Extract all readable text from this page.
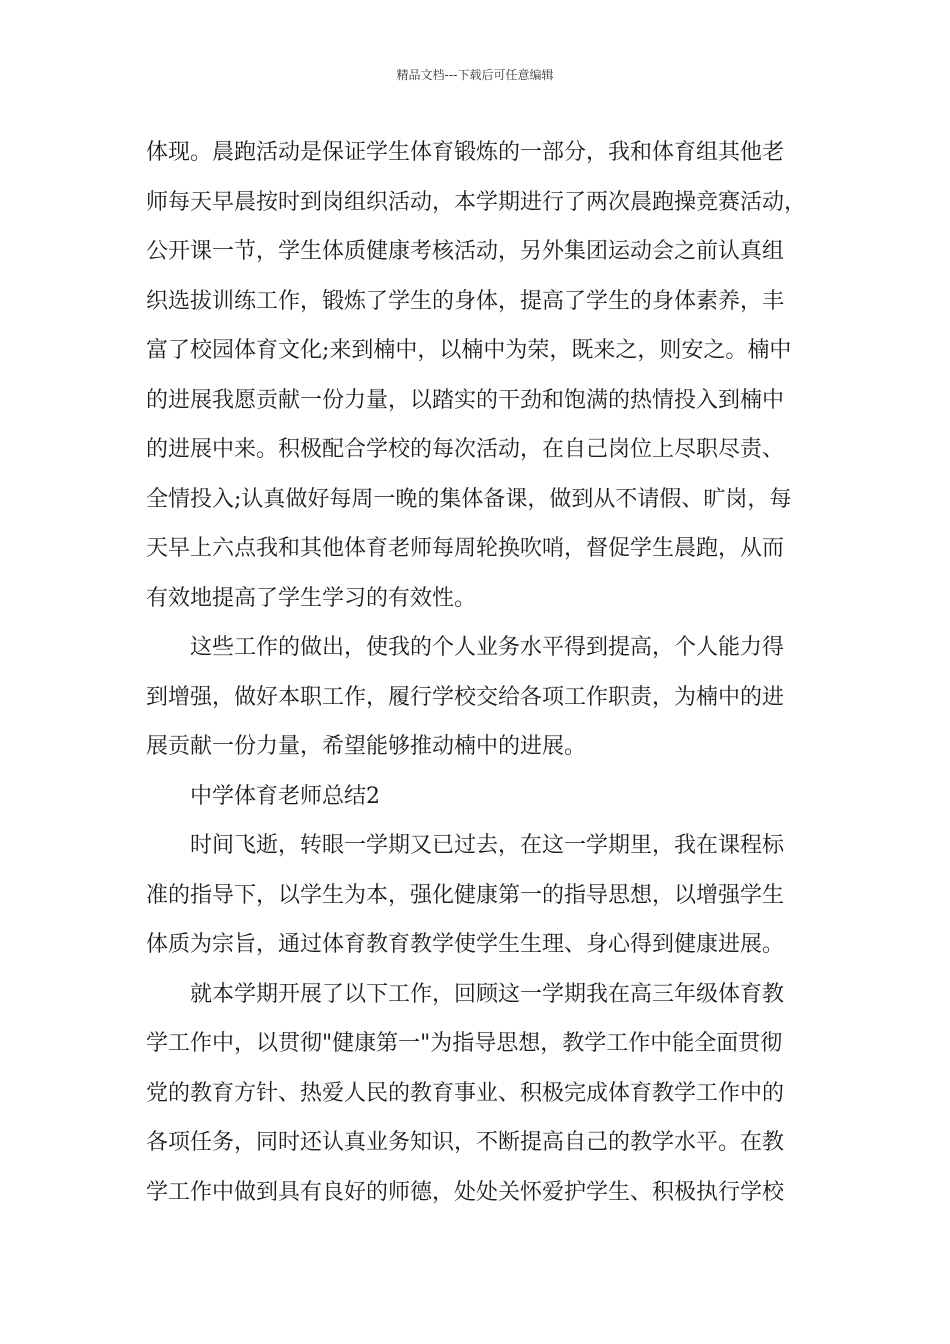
精品文档---下载后可任意编辑
体现。晨跑活动是保证学生体育锻炼的一部分，我和体育组其他老
师每天早晨按时到岗组织活动，本学期进行了两次晨跑操竞赛活动，
公开课一节，学生体质健康考核活动，另外集团运动会之前认真组
织选拔训练工作，锻炼了学生的身体，提高了学生的身体素养，丰
富了校园体育文化;来到楠中，以楠中为荣，既来之，则安之。楠中
的进展我愿贡献一份力量，以踏实的干劲和饱满的热情投入到楠中
的进展中来。积极配合学校的每次活动，在自己岗位上尽职尽责、
全情投入;认真做好每周一晚的集体备课，做到从不请假、旷岗，每
天早上六点我和其他体育老师每周轮换吹哨，督促学生晨跑，从而
有效地提高了学生学习的有效性。
这些工作的做出，使我的个人业务水平得到提高，个人能力得
到增强，做好本职工作，履行学校交给各项工作职责，为楠中的进
展贡献一份力量，希望能够推动楠中的进展。
中学体育老师总结2
时间飞逝，转眼一学期又已过去，在这一学期里，我在课程标
准的指导下，以学生为本，强化健康第一的指导思想，以增强学生
体质为宗旨，通过体育教育教学使学生生理、身心得到健康进展。
就本学期开展了以下工作，回顾这一学期我在高三年级体育教
学工作中，以贯彻"健康第一"为指导思想，教学工作中能全面贯彻
党的教育方针、热爱人民的教育事业、积极完成体育教学工作中的
各项任务，同时还认真业务知识，不断提高自己的教学水平。在教
学工作中做到具有良好的师德，处处关怀爱护学生、积极执行学校
